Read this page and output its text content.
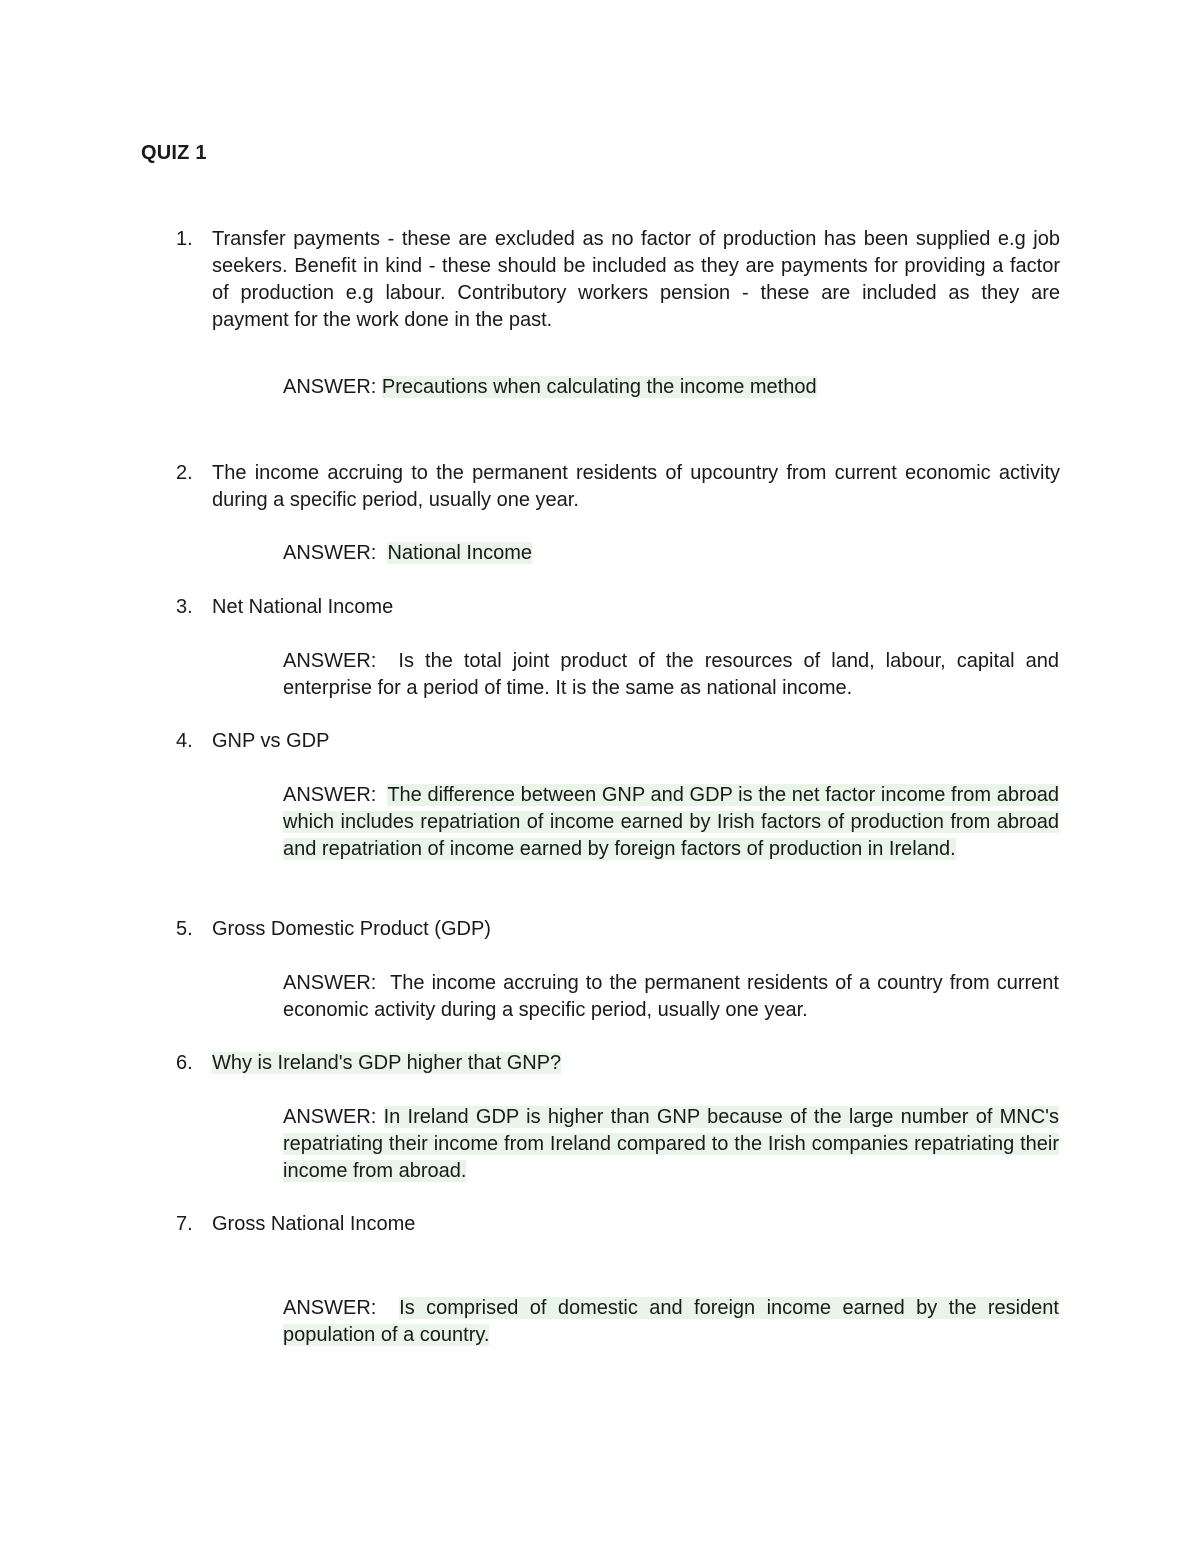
QUIZ 1
1. Transfer payments - these are excluded as no factor of production has been supplied e.g job seekers. Benefit in kind - these should be included as they are payments for providing a factor of production e.g labour. Contributory workers pension - these are included as they are payment for the work done in the past.
ANSWER: Precautions when calculating the income method
2. The income accruing to the permanent residents of upcountry from current economic activity during a specific period, usually one year.
ANSWER: National Income
3. Net National Income
ANSWER: Is the total joint product of the resources of land, labour, capital and enterprise for a period of time. It is the same as national income.
4. GNP vs GDP
ANSWER: The difference between GNP and GDP is the net factor income from abroad which includes repatriation of income earned by Irish factors of production from abroad and repatriation of income earned by foreign factors of production in Ireland.
5. Gross Domestic Product (GDP)
ANSWER: The income accruing to the permanent residents of a country from current economic activity during a specific period, usually one year.
6. Why is Ireland's GDP higher that GNP?
ANSWER: In Ireland GDP is higher than GNP because of the large number of MNC's repatriating their income from Ireland compared to the Irish companies repatriating their income from abroad.
7. Gross National Income
ANSWER: Is comprised of domestic and foreign income earned by the resident population of a country.
